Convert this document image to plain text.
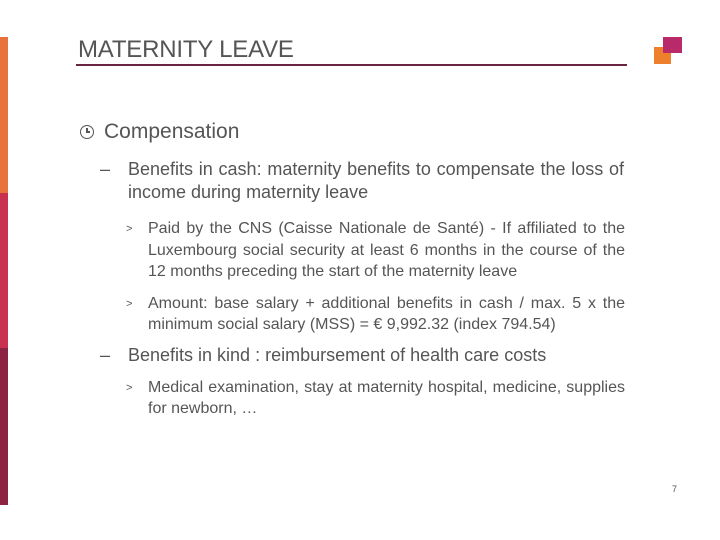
MATERNITY LEAVE
Compensation
– Benefits in cash: maternity benefits to compensate the loss of income during maternity leave
> Paid by the CNS (Caisse Nationale de Santé) - If affiliated to the Luxembourg social security at least 6 months in the course of the 12 months preceding the start of the maternity leave
> Amount: base salary + additional benefits in cash / max. 5 x the minimum social salary (MSS) = € 9,992.32 (index 794.54)
– Benefits in kind : reimbursement of health care costs
> Medical examination, stay at maternity hospital, medicine, supplies for newborn, …
7
